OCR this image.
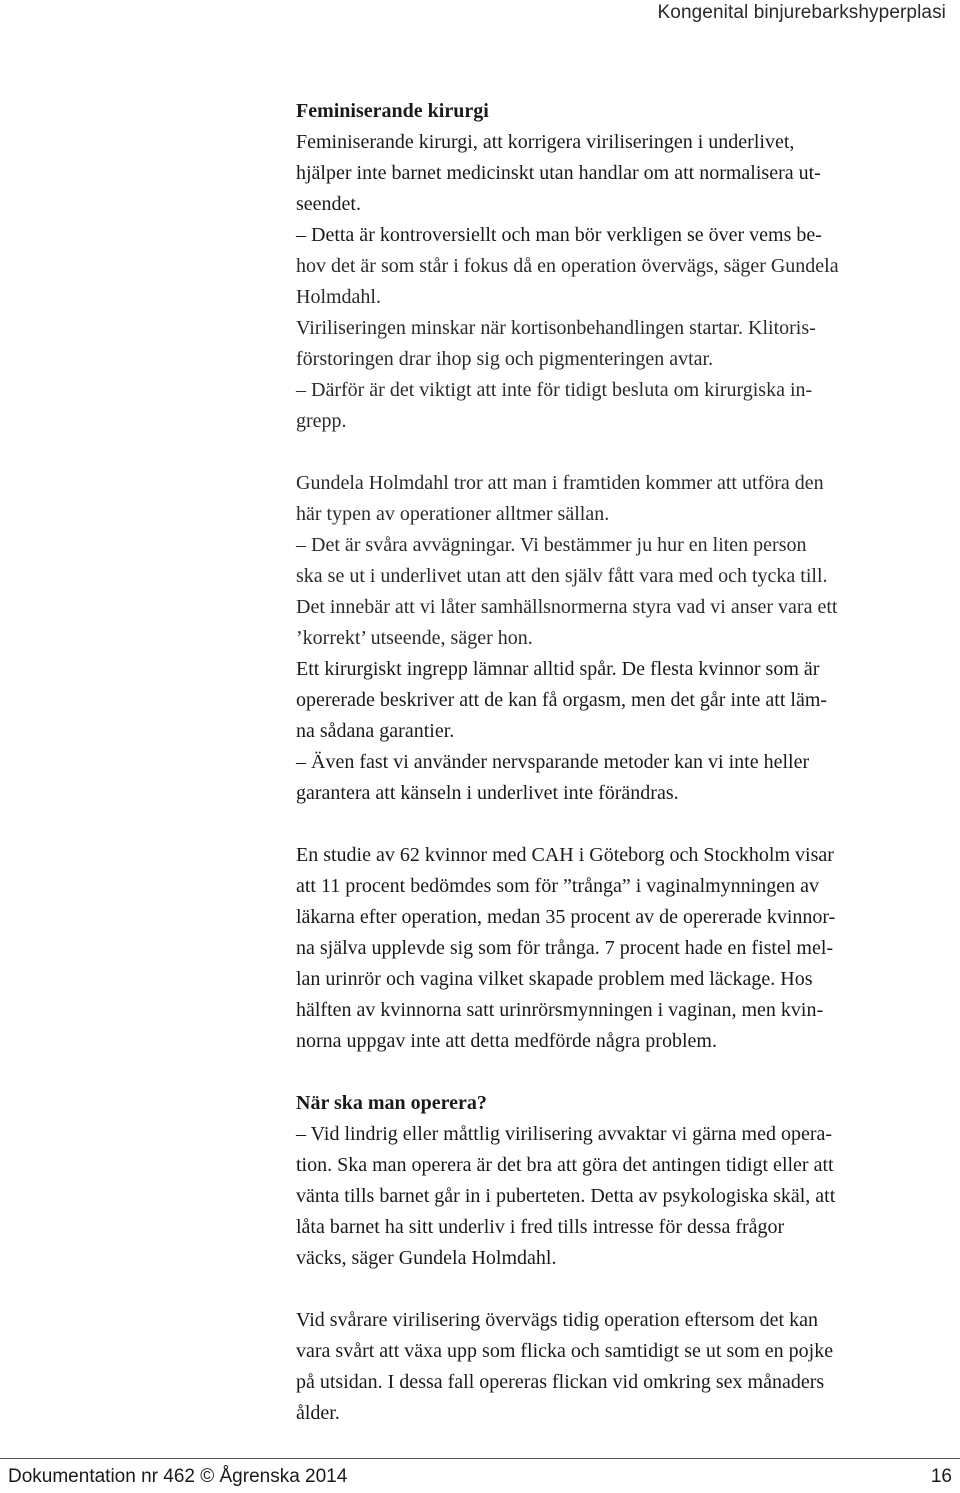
Kongenital binjurebarkshyperplasi
Feminiserande kirurgi
Feminiserande kirurgi, att korrigera viriliseringen i underlivet,
hjälper inte barnet medicinskt utan handlar om att normalisera ut-
seendet.
– Detta är kontroversiellt och man bör verkligen se över vems be-
hov det är som står i fokus då en operation övervägs, säger Gundela
Holmdahl.
Viriliseringen minskar när kortisonbehandlingen startar. Klitoris-
förstoringen drar ihop sig och pigmenteringen avtar.
– Därför är det viktigt att inte för tidigt besluta om kirurgiska in-
grepp.
Gundela Holmdahl tror att man i framtiden kommer att utföra den
här typen av operationer alltmer sällan.
– Det är svåra avvägningar. Vi bestämmer ju hur en liten person
ska se ut i underlivet utan att den själv fått vara med och tycka till.
Det innebär att vi låter samhällsnormerna styra vad vi anser vara ett
’korrekt’ utseende, säger hon.
Ett kirurgiskt ingrepp lämnar alltid spår. De flesta kvinnor som är
opererade beskriver att de kan få orgasm, men det går inte att läm-
na sådana garantier.
– Även fast vi använder nervsparande metoder kan vi inte heller
garantera att känseln i underlivet inte förändras.
En studie av 62 kvinnor med CAH i Göteborg och Stockholm visar
att 11 procent bedömdes som för ”trånga” i vaginalmynningen av
läkarna efter operation, medan 35 procent av de opererade kvinnor-
na själva upplevde sig som för trånga. 7 procent hade en fistel mel-
lan urinrör och vagina vilket skapade problem med läckage. Hos
hälften av kvinnorna satt urinrörsmynningen i vaginan, men kvin-
norna uppgav inte att detta medförde några problem.
När ska man operera?
– Vid lindrig eller måttlig virilisering avvaktar vi gärna med opera-
tion. Ska man operera är det bra att göra det antingen tidigt eller att
vänta tills barnet går in i puberteten. Detta av psykologiska skäl, att
låta barnet ha sitt underliv i fred tills intresse för dessa frågor
väcks, säger Gundela Holmdahl.
Vid svårare virilisering övervägs tidig operation eftersom det kan
vara svårt att växa upp som flicka och samtidigt se ut som en pojke
på utsidan. I dessa fall opereras flickan vid omkring sex månaders
ålder.
Dokumentation nr 462 © Ågrenska 2014	16
